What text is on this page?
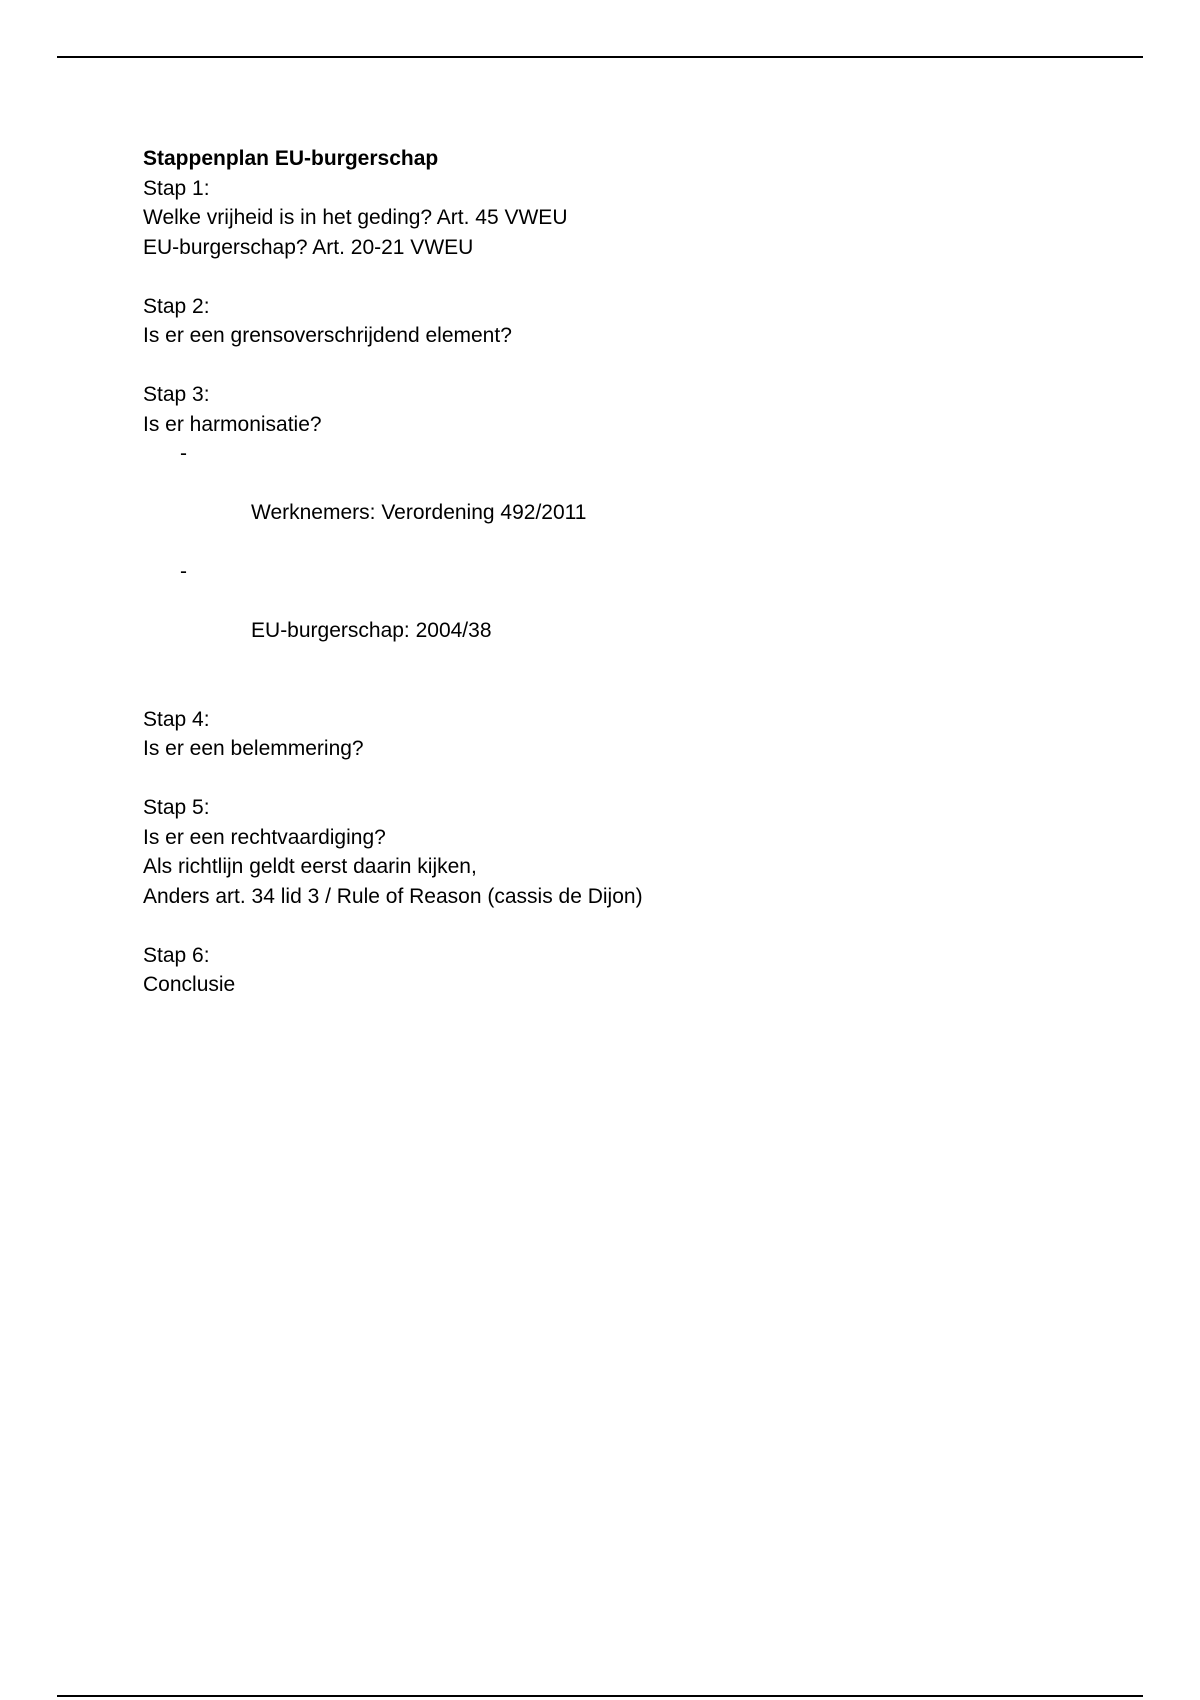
Stappenplan EU-burgerschap
Stap 1:
Welke vrijheid is in het geding? Art. 45 VWEU
EU-burgerschap? Art. 20-21 VWEU
Stap 2:
Is er een grensoverschrijdend element?
Stap 3:
Is er harmonisatie?

-

Werknemers: Verordening 492/2011

-

EU-burgerschap: 2004/38

Stap 4:
Is er een belemmering?
Stap 5:
Is er een rechtvaardiging?
Als richtlijn geldt eerst daarin kijken,
Anders art. 34 lid 3 / Rule of Reason (cassis de Dijon)
Stap 6:
Conclusie
